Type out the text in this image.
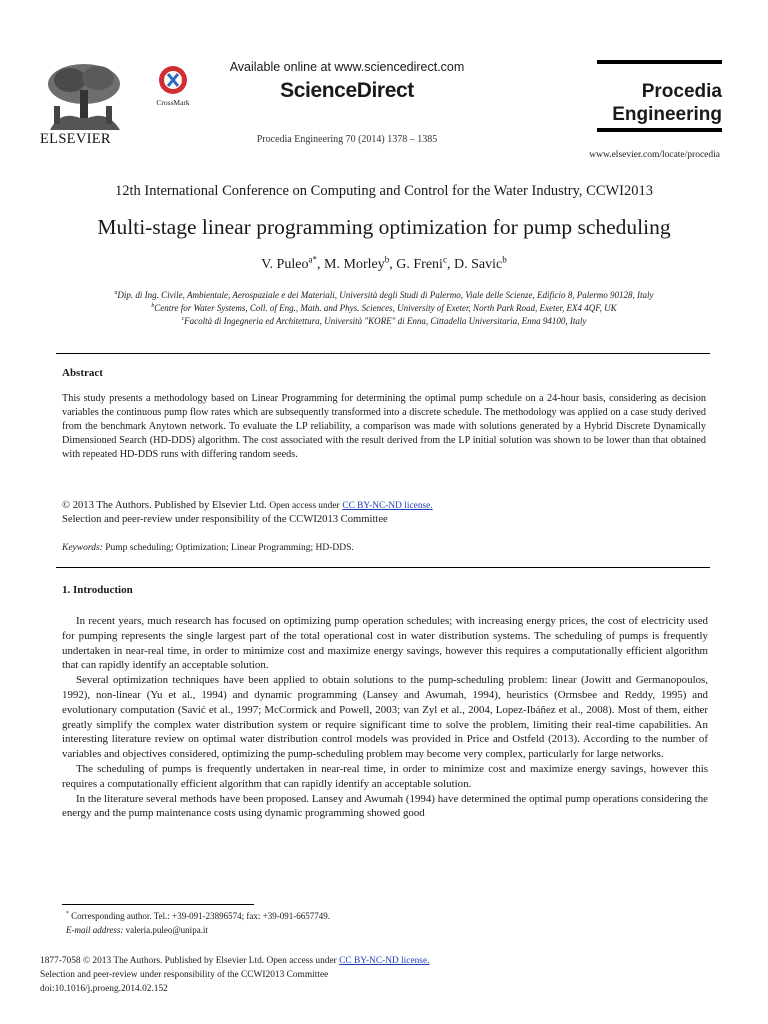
ELSEVIER
CrossMark
Available online at www.sciencedirect.com
ScienceDirect
Procedia Engineering 70 (2014) 1378 – 1385
Procedia
Engineering
www.elsevier.com/locate/procedia
12th International Conference on Computing and Control for the Water Industry, CCWI2013
Multi-stage linear programming optimization for pump scheduling
V. Puleo$^{a*}$, M. Morley$^b$, G. Freni$^c$, D. Savic$^b$
$^a$Dip. di Ing. Civile, Ambientale, Aerospaziale e dei Materiali, Università degli Studi di Palermo, Viale delle Scienze, Edificio 8, Palermo 90128, Italy
$^b$Centre for Water Systems, Coll. of Eng., Math. and Phys. Sciences, University of Exeter, North Park Road, Exeter, EX4 4QF, UK
$^c$Facoltà di Ingegneria ed Architettura, Università "KORE" di Enna, Cittadella Universitaria, Enna 94100, Italy
Abstract
This study presents a methodology based on Linear Programming for determining the optimal pump schedule on a 24-hour basis, considering as decision variables the continuous pump flow rates which are subsequently transformed into a discrete schedule. The methodology was applied on a case study derived from the benchmark Anytown network. To evaluate the LP reliability, a comparison was made with solutions generated by a Hybrid Discrete Dynamically Dimensioned Search (HD-DDS) algorithm. The cost associated with the result derived from the LP initial solution was shown to be lower than that obtained with repeated HD-DDS runs with differing random seeds.
© 2013 The Authors. Published by Elsevier Ltd. Open access under CC BY-NC-ND license.
Selection and peer-review under responsibility of the CCWI2013 Committee
Keywords: Pump scheduling; Optimization; Linear Programming; HD-DDS.
1. Introduction

In recent years, much research has focused on optimizing pump operation schedules; with increasing energy prices, the cost of electricity used for pumping represents the single largest part of the total operational cost in water distribution systems. The scheduling of pumps is frequently undertaken in near-real time, in order to minimize cost and maximize energy savings, however this requires a computationally efficient algorithm that can rapidly identify an acceptable solution.

Several optimization techniques have been applied to obtain solutions to the pump-scheduling problem: linear (Jowitt and Germanopoulos, 1992), non-linear (Yu et al., 1994) and dynamic programming (Lansey and Awumah, 1994), heuristics (Ormsbee and Reddy, 1995) and evolutionary computation (Savić et al., 1997; McCormick and Powell, 2003; van Zyl et al., 2004, Lopez-Ibáñez et al., 2008). Most of them, either greatly simplify the complex water distribution system or require significant time to solve the problem, limiting their real-time capabilities. An interesting literature review on optimal water distribution control models was provided in Price and Ostfeld (2013). According to the number of variables and objectives considered, optimizing the pump-scheduling problem may become very complex, particularly for large networks.

The scheduling of pumps is frequently undertaken in near-real time, in order to minimize cost and maximize energy savings, however this requires a computationally efficient algorithm that can rapidly identify an acceptable solution.

In the literature several methods have been proposed. Lansey and Awumah (1994) have determined the optimal pump operations considering the energy and the pump maintenance costs using dynamic programming showed good

* Corresponding author. Tel.: +39-091-23896574; fax: +39-091-6657749.
E-mail address: valeria.puleo@unipa.it
1877-7058 © 2013 The Authors. Published by Elsevier Ltd. Open access under CC BY-NC-ND license.
Selection and peer-review under responsibility of the CCWI2013 Committee
doi:10.1016/j.proeng.2014.02.152
